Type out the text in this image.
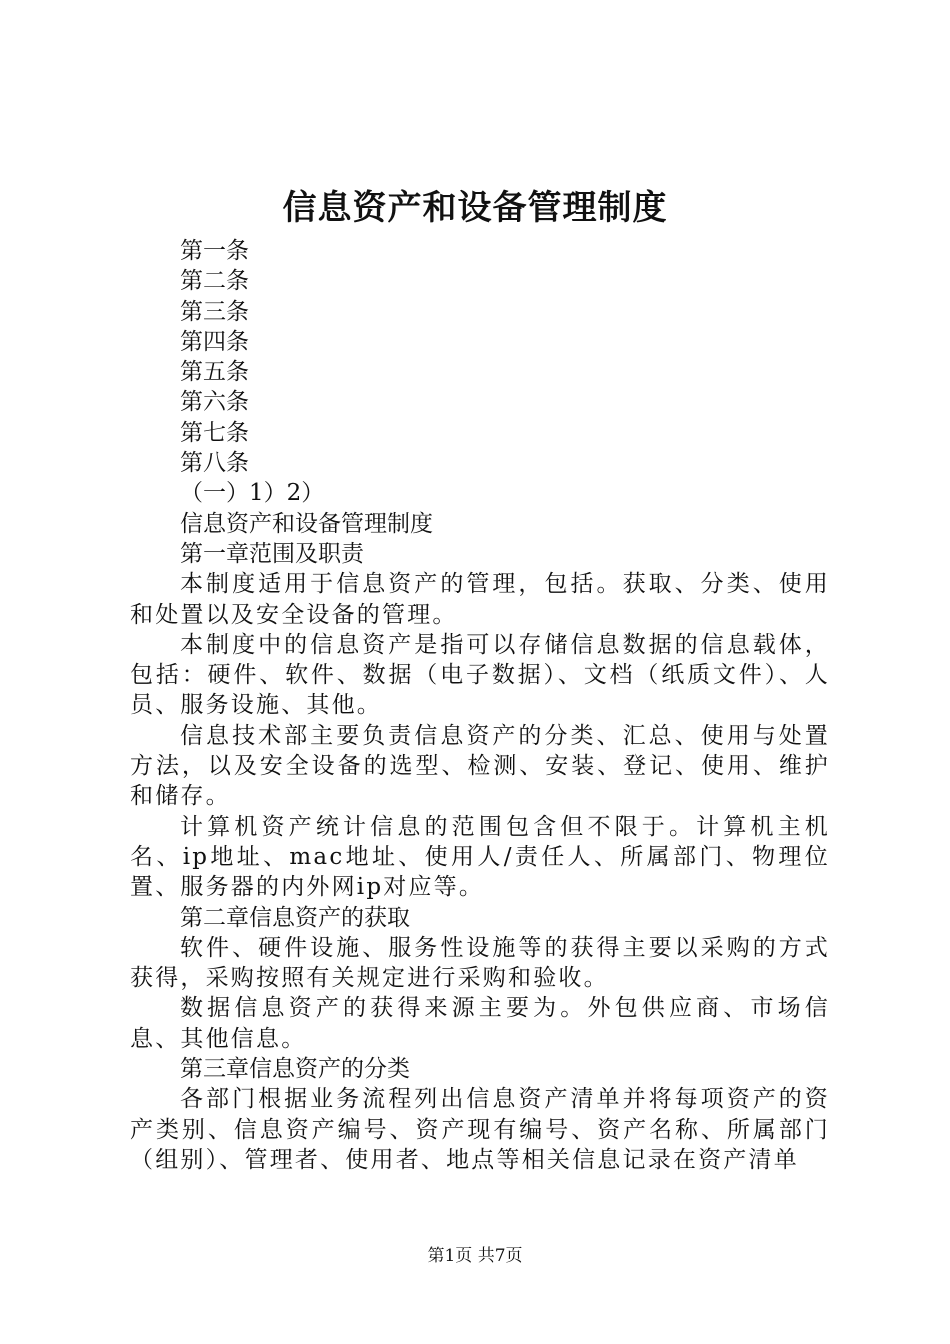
信息资产和设备管理制度

第一条

第二条

第三条

第四条

第五条

第六条

第七条

第八条

（一）1）2）

信息资产和设备管理制度

第一章范围及职责

本制度适用于信息资产的管理，包括。获取、分类、使用和处置以及安全设备的管理。

本制度中的信息资产是指可以存储信息数据的信息载体，包括：硬件、软件、数据（电子数据）、文档（纸质文件）、人员、服务设施、其他。

信息技术部主要负责信息资产的分类、汇总、使用与处置方法，以及安全设备的选型、检测、安装、登记、使用、维护和储存。

计算机资产统计信息的范围包含但不限于。计算机主机名、ip地址、mac地址、使用人/责任人、所属部门、物理位置、服务器的内外网ip对应等。

第二章信息资产的获取

软件、硬件设施、服务性设施等的获得主要以采购的方式获得，采购按照有关规定进行采购和验收。

数据信息资产的获得来源主要为。外包供应商、市场信息、其他信息。

第三章信息资产的分类

各部门根据业务流程列出信息资产清单并将每项资产的资产类别、信息资产编号、资产现有编号、资产名称、所属部门（组别）、管理者、使用者、地点等相关信息记录在资产清单

第1页 共7页
